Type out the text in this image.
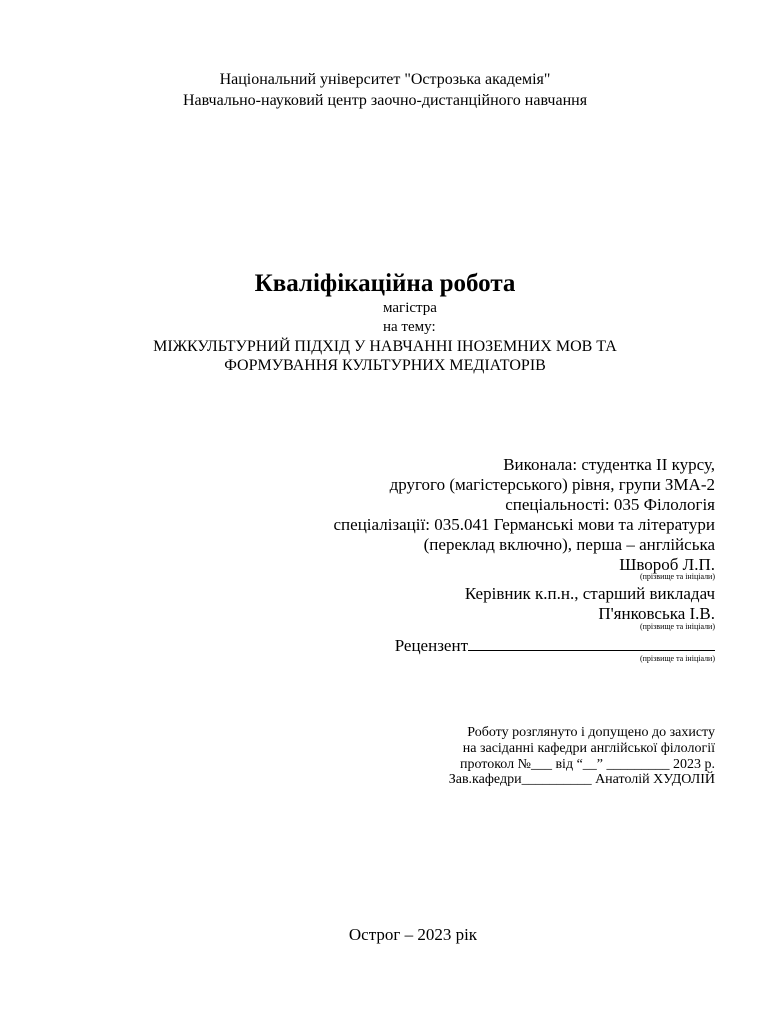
Національний університет "Острозька академія"
Навчально-науковий центр заочно-дистанційного навчання
Кваліфікаційна робота
магістра
на тему:
МІЖКУЛЬТУРНИЙ ПІДХІД У НАВЧАННІ ІНОЗЕМНИХ МОВ ТА
ФОРМУВАННЯ КУЛЬТУРНИХ МЕДІАТОРІВ
Виконала: студентка ІІ курсу,
другого (магістерського) рівня, групи ЗМА-2
спеціальності: 035 Філологія
спеціалізації: 035.041 Германські мови та літератури
(переклад включно), перша – англійська
Швороб Л.П.
(прізвище та ініціали)
Керівник к.п.н., старший викладач
П'янковська І.В.
(прізвище та ініціали)
Рецензент
(прізвище та ініціали)
Роботу розглянуто і допущено до захисту
на засіданні кафедри англійської філології
протокол №___ від “__” _________ 2023 р.
Зав.кафедри__________ Анатолій ХУДОЛІЙ
Острог – 2023 рік
